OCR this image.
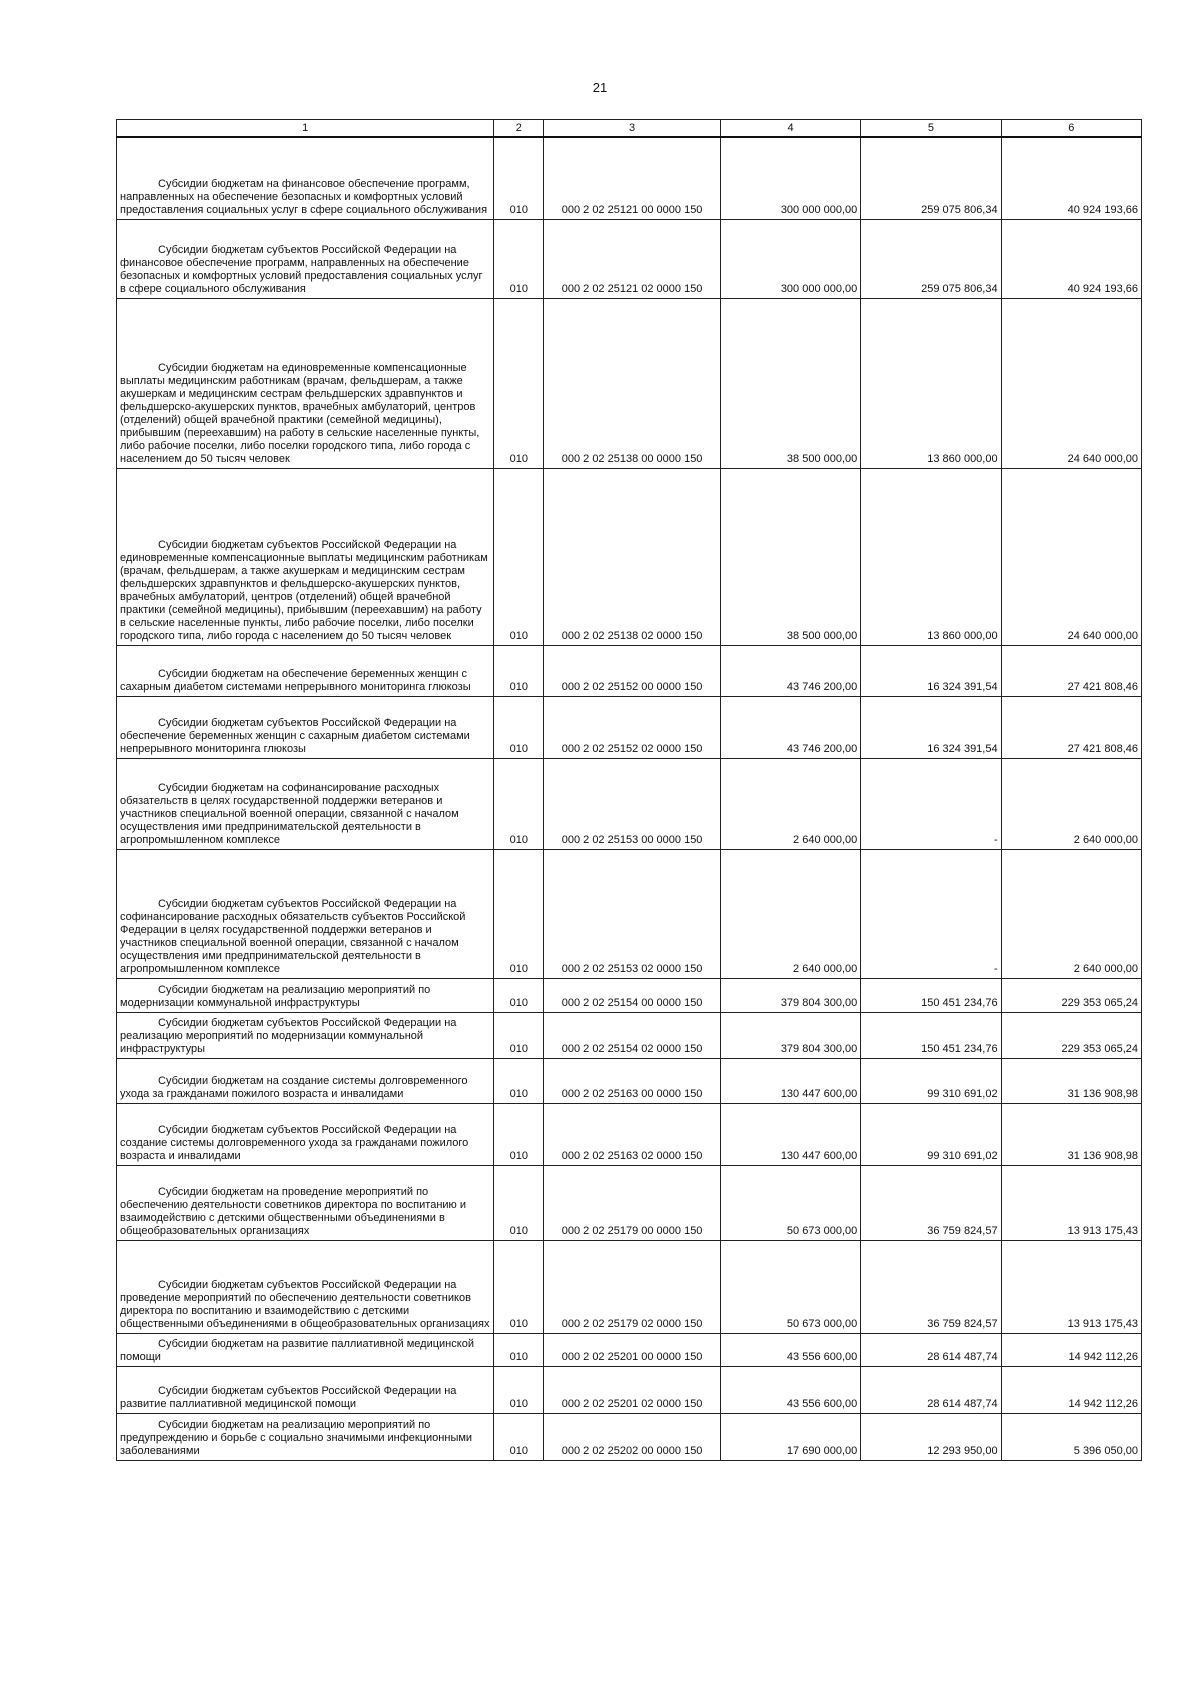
21
1	2	3	4	5	6

Субсидии бюджетам на финансовое обеспечение программ, направленных на обеспечение безопасных и комфортных условий предоставления социальных услуг в сфере социального обслуживания	010	000 2 02 25121 00 0000 150	300 000 000,00	259 075 806,34	40 924 193,66

Субсидии бюджетам субъектов Российской Федерации на финансовое обеспечение программ, направленных на обеспечение безопасных и комфортных условий предоставления социальных услуг в сфере социального обслуживания	010	000 2 02 25121 02 0000 150	300 000 000,00	259 075 806,34	40 924 193,66

Субсидии бюджетам на единовременные компенсационные выплаты медицинским работникам (врачам, фельдшерам, а также акушеркам и медицинским сестрам фельдшерских здравпунктов и фельдшерско-акушерских пунктов, врачебных амбулаторий, центров (отделений) общей врачебной практики (семейной медицины), прибывшим (переехавшим) на работу в сельские населенные пункты, либо рабочие поселки, либо поселки городского типа, либо города с населением до 50 тысяч человек	010	000 2 02 25138 00 0000 150	38 500 000,00	13 860 000,00	24 640 000,00

Субсидии бюджетам субъектов Российской Федерации на единовременные компенсационные выплаты медицинским работникам (врачам, фельдшерам, а также акушеркам и медицинским сестрам фельдшерских здравпунктов и фельдшерско-акушерских пунктов, врачебных амбулаторий, центров (отделений) общей врачебной практики (семейной медицины), прибывшим (переехавшим) на работу в сельские населенные пункты, либо рабочие поселки, либо поселки городского типа, либо города с населением до 50 тысяч человек	010	000 2 02 25138 02 0000 150	38 500 000,00	13 860 000,00	24 640 000,00

Субсидии бюджетам на обеспечение беременных женщин с сахарным диабетом системами непрерывного мониторинга глюкозы	010	000 2 02 25152 00 0000 150	43 746 200,00	16 324 391,54	27 421 808,46

Субсидии бюджетам субъектов Российской Федерации на обеспечение беременных женщин с сахарным диабетом системами непрерывного мониторинга глюкозы	010	000 2 02 25152 02 0000 150	43 746 200,00	16 324 391,54	27 421 808,46

Субсидии бюджетам на софинансирование расходных обязательств в целях государственной поддержки ветеранов и участников специальной военной операции, связанной с началом осуществления ими предпринимательской деятельности в агропромышленном комплексе	010	000 2 02 25153 00 0000 150	2 640 000,00	-	2 640 000,00

Субсидии бюджетам субъектов Российской Федерации на софинансирование расходных обязательств субъектов Российской Федерации в целях государственной поддержки ветеранов и участников специальной военной операции, связанной с началом осуществления ими предпринимательской деятельности в агропромышленном комплексе	010	000 2 02 25153 02 0000 150	2 640 000,00	-	2 640 000,00

Субсидии бюджетам на реализацию мероприятий по модернизации коммунальной инфраструктуры	010	000 2 02 25154 00 0000 150	379 804 300,00	150 451 234,76	229 353 065,24

Субсидии бюджетам субъектов Российской Федерации на реализацию мероприятий по модернизации коммунальной инфраструктуры	010	000 2 02 25154 02 0000 150	379 804 300,00	150 451 234,76	229 353 065,24

Субсидии бюджетам на создание системы долговременного ухода за гражданами пожилого возраста и инвалидами	010	000 2 02 25163 00 0000 150	130 447 600,00	99 310 691,02	31 136 908,98

Субсидии бюджетам субъектов Российской Федерации на создание системы долговременного ухода за гражданами пожилого возраста и инвалидами	010	000 2 02 25163 02 0000 150	130 447 600,00	99 310 691,02	31 136 908,98

Субсидии бюджетам на проведение мероприятий по обеспечению деятельности советников директора по воспитанию и взаимодействию с детскими общественными объединениями в общеобразовательных организациях	010	000 2 02 25179 00 0000 150	50 673 000,00	36 759 824,57	13 913 175,43

Субсидии бюджетам субъектов Российской Федерации на проведение мероприятий по обеспечению деятельности советников директора по воспитанию и взаимодействию с детскими общественными объединениями в общеобразовательных организациях	010	000 2 02 25179 02 0000 150	50 673 000,00	36 759 824,57	13 913 175,43

Субсидии бюджетам на развитие паллиативной медицинской помощи	010	000 2 02 25201 00 0000 150	43 556 600,00	28 614 487,74	14 942 112,26

Субсидии бюджетам субъектов Российской Федерации на развитие паллиативной медицинской помощи	010	000 2 02 25201 02 0000 150	43 556 600,00	28 614 487,74	14 942 112,26

Субсидии бюджетам на реализацию мероприятий по предупреждению и борьбе с социально значимыми инфекционными заболеваниями	010	000 2 02 25202 00 0000 150	17 690 000,00	12 293 950,00	5 396 050,00
